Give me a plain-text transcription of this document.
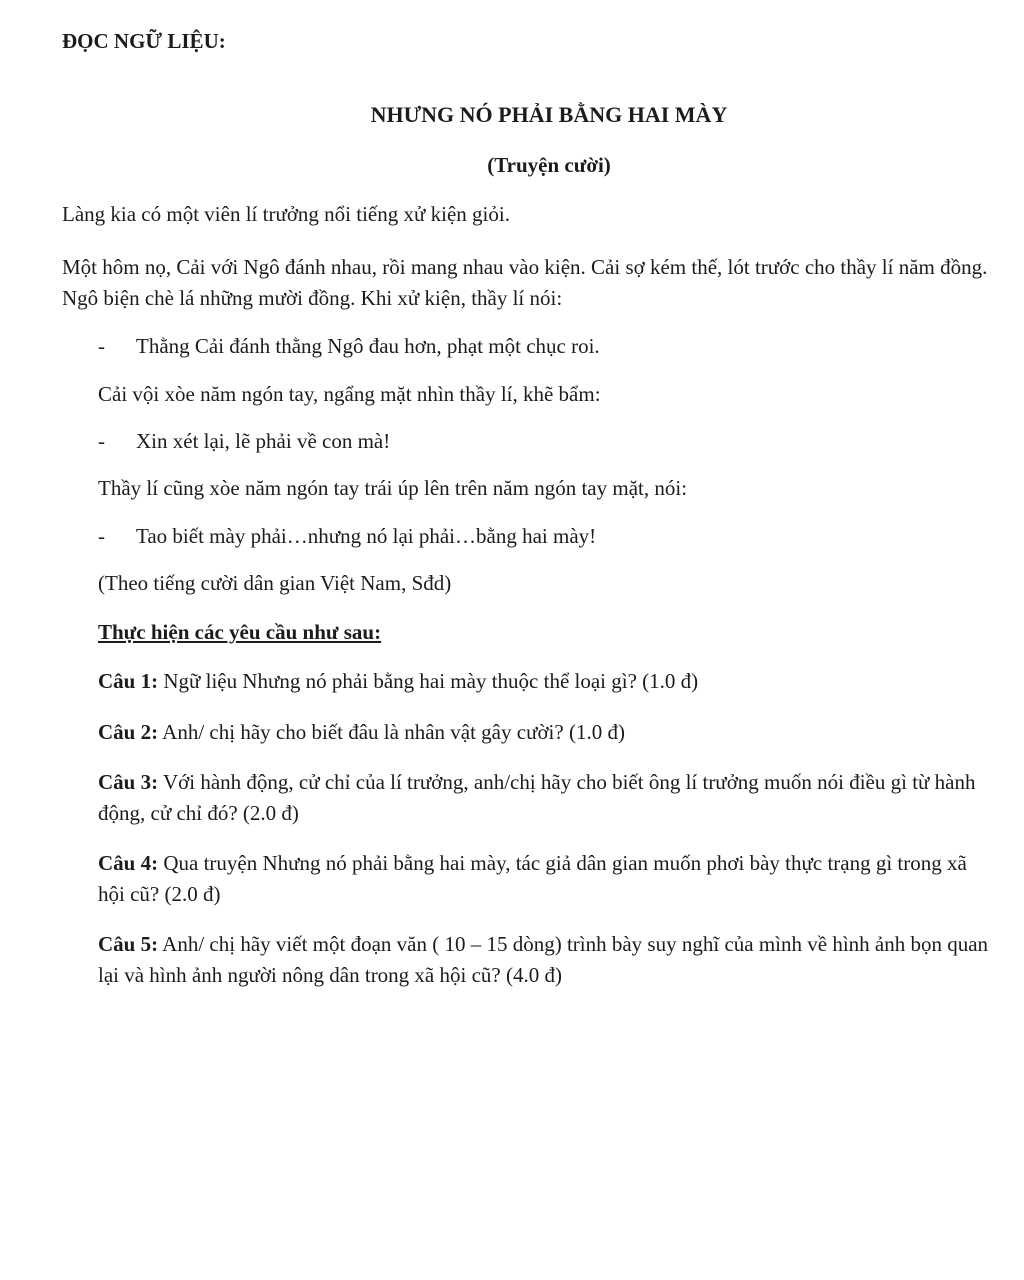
ĐỌC NGỮ LIỆU:

NHƯNG NÓ PHẢI BẰNG HAI MÀY

(Truyện cười)

Làng kia có một viên lí trưởng nổi tiếng xử kiện giỏi.

Một hôm nọ, Cải với Ngô đánh nhau, rồi mang nhau vào kiện. Cải sợ kém thế, lót trước cho thầy lí năm đồng. Ngô biện chè lá những mười đồng. Khi xử kiện, thầy lí nói:

-	Thằng Cải đánh thằng Ngô đau hơn, phạt một chục roi.
Cải vội xòe năm ngón tay, ngẩng mặt nhìn thầy lí, khẽ bẩm:
-	Xin xét lại, lẽ phải về con mà!
Thầy lí cũng xòe năm ngón tay trái úp lên trên năm ngón tay mặt, nói:
-	Tao biết mày phải…nhưng nó lại phải…bằng hai mày!
(Theo tiếng cười dân gian Việt Nam, Sđd)
Thực hiện các yêu cầu như sau:
Câu 1: Ngữ liệu Nhưng nó phải bằng hai mày thuộc thể loại gì? (1.0 đ)
Câu 2: Anh/ chị hãy cho biết đâu là nhân vật gây cười? (1.0 đ)
Câu 3: Với hành động, cử chỉ của lí trưởng, anh/chị hãy cho biết ông lí trưởng muốn nói điều gì từ hành động, cử chỉ đó? (2.0 đ)
Câu 4: Qua truyện Nhưng nó phải bằng hai mày, tác giả dân gian muốn phơi bày thực trạng gì trong xã hội cũ? (2.0 đ)
Câu 5: Anh/ chị hãy viết một đoạn văn ( 10 – 15 dòng) trình bày suy nghĩ của mình về hình ảnh bọn quan lại và hình ảnh người nông dân trong xã hội cũ? (4.0 đ)
